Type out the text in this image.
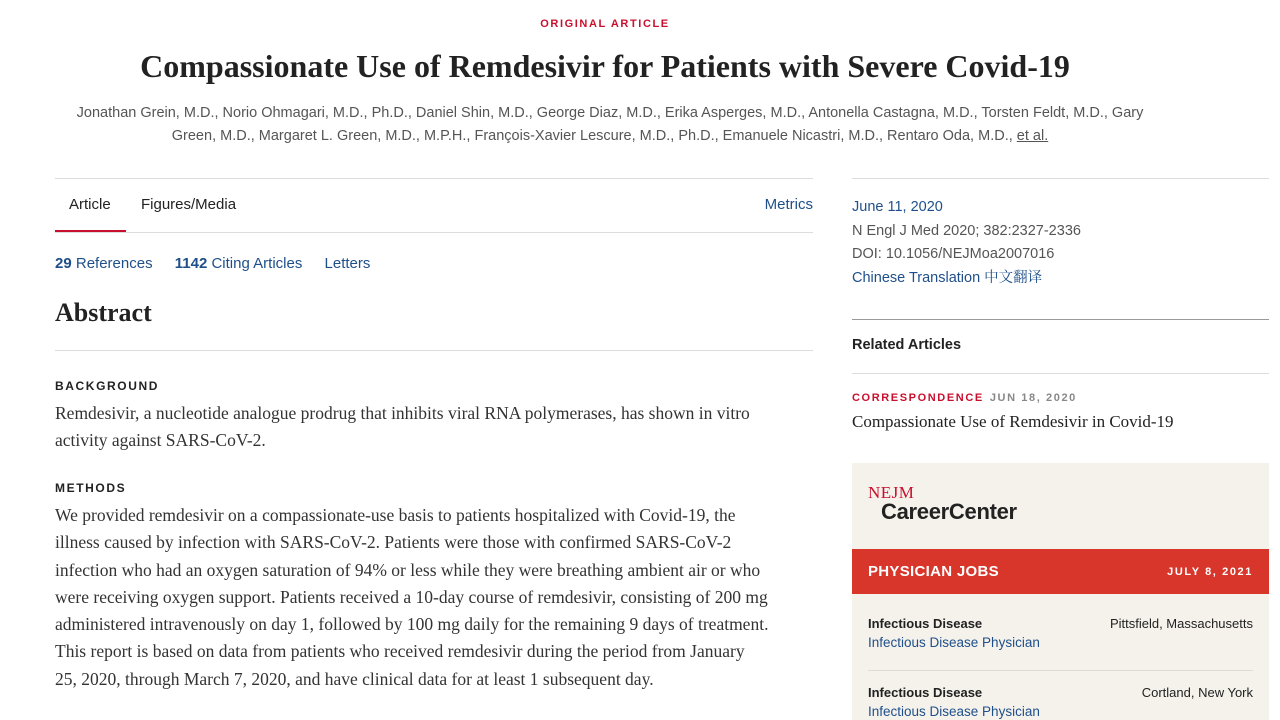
ORIGINAL ARTICLE
Compassionate Use of Remdesivir for Patients with Severe Covid-19
Jonathan Grein, M.D., Norio Ohmagari, M.D., Ph.D., Daniel Shin, M.D., George Diaz, M.D., Erika Asperges, M.D., Antonella Castagna, M.D., Torsten Feldt, M.D., Gary
Green, M.D., Margaret L. Green, M.D., M.P.H., François-Xavier Lescure, M.D., Ph.D., Emanuele Nicastri, M.D., Rentaro Oda, M.D., et al.
Article Figures/Media	Metrics
29 References 1142 Citing Articles Letters
Abstract
BACKGROUND
Remdesivir, a nucleotide analogue prodrug that inhibits viral RNA polymerases, has shown in vitro
activity against SARS-CoV-2.
METHODS
We provided remdesivir on a compassionate-use basis to patients hospitalized with Covid-19, the
illness caused by infection with SARS-CoV-2. Patients were those with confirmed SARS-CoV-2
infection who had an oxygen saturation of 94% or less while they were breathing ambient air or who
were receiving oxygen support. Patients received a 10-day course of remdesivir, consisting of 200 mg
administered intravenously on day 1, followed by 100 mg daily for the remaining 9 days of treatment.
This report is based on data from patients who received remdesivir during the period from January
25, 2020, through March 7, 2020, and have clinical data for at least 1 subsequent day.
June 11, 2020
N Engl J Med 2020; 382:2327-2336
DOI: 10.1056/NEJMoa2007016
Chinese Translation 中文翻译
Related Articles
CORRESPONDENCE JUN 18, 2020
Compassionate Use of Remdesivir in Covid-19
NEJM
CareerCenter
PHYSICIAN JOBS	JULY 8, 2021
Infectious Disease	Pittsfield, Massachusetts
Infectious Disease Physician
Infectious Disease	Cortland, New York
Infectious Disease Physician
